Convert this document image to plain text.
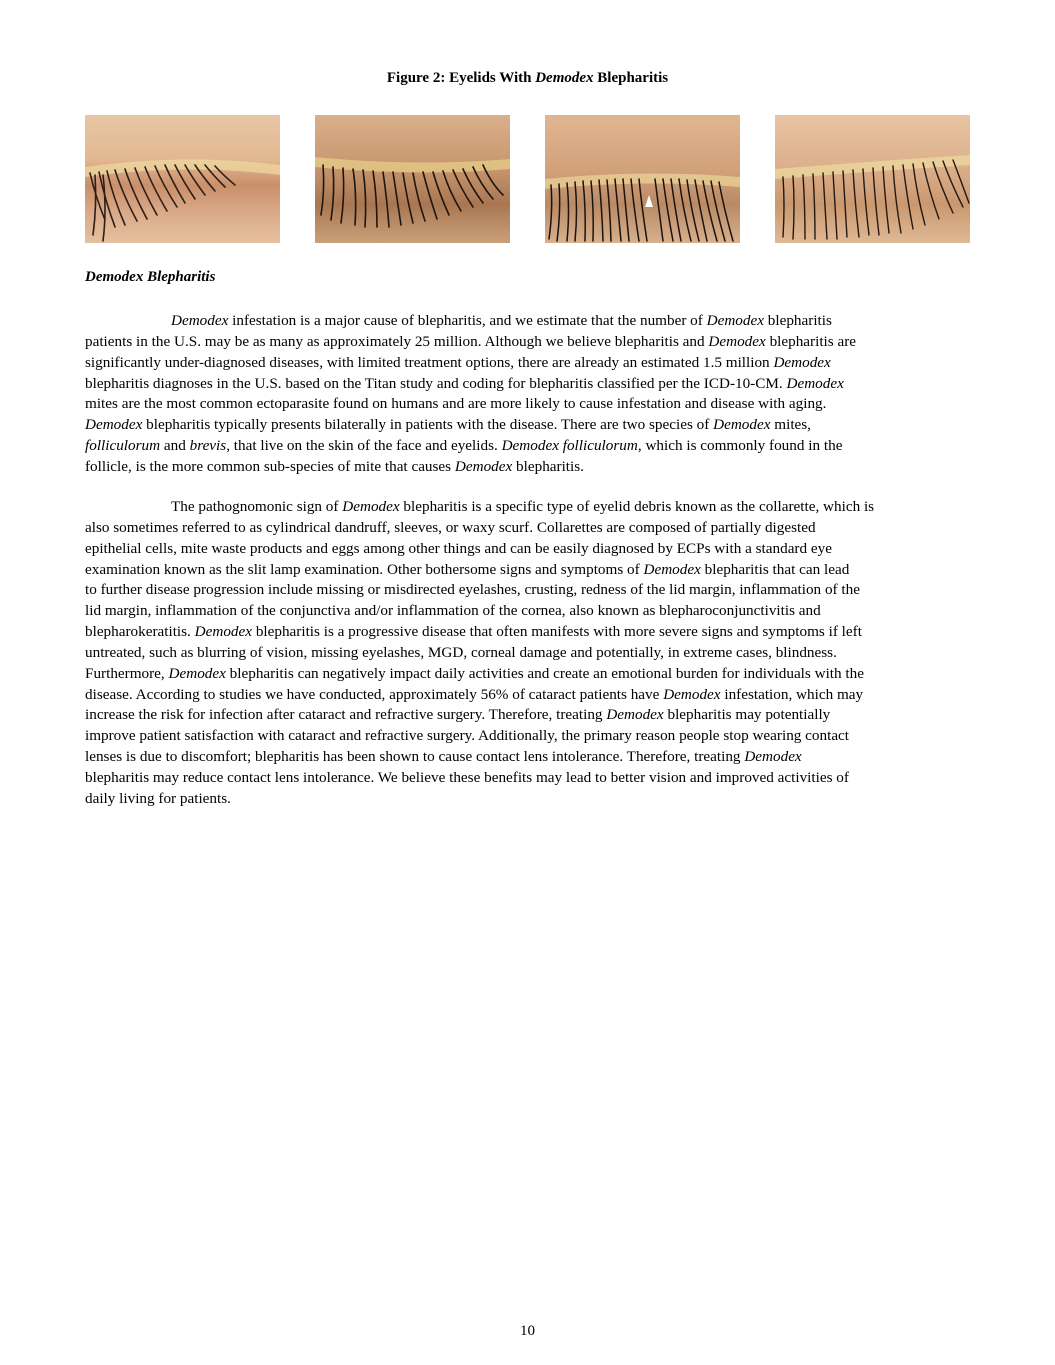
Figure 2: Eyelids With Demodex Blepharitis
Demodex Blepharitis
Demodex infestation is a major cause of blepharitis, and we estimate that the number of Demodex blepharitis
patients in the U.S. may be as many as approximately 25 million. Although we believe blepharitis and Demodex blepharitis are
significantly under-diagnosed diseases, with limited treatment options, there are already an estimated 1.5 million Demodex
blepharitis diagnoses in the U.S. based on the Titan study and coding for blepharitis classified per the ICD-10-CM. Demodex
mites are the most common ectoparasite found on humans and are more likely to cause infestation and disease with aging.
Demodex blepharitis typically presents bilaterally in patients with the disease. There are two species of Demodex mites,
folliculorum and brevis, that live on the skin of the face and eyelids. Demodex folliculorum, which is commonly found in the
follicle, is the more common sub-species of mite that causes Demodex blepharitis.
The pathognomonic sign of Demodex blepharitis is a specific type of eyelid debris known as the collarette, which is
also sometimes referred to as cylindrical dandruff, sleeves, or waxy scurf. Collarettes are composed of partially digested
epithelial cells, mite waste products and eggs among other things and can be easily diagnosed by ECPs with a standard eye
examination known as the slit lamp examination. Other bothersome signs and symptoms of Demodex blepharitis that can lead
to further disease progression include missing or misdirected eyelashes, crusting, redness of the lid margin, inflammation of the
lid margin, inflammation of the conjunctiva and/or inflammation of the cornea, also known as blepharoconjunctivitis and
blepharokeratitis. Demodex blepharitis is a progressive disease that often manifests with more severe signs and symptoms if left
untreated, such as blurring of vision, missing eyelashes, MGD, corneal damage and potentially, in extreme cases, blindness.
Furthermore, Demodex blepharitis can negatively impact daily activities and create an emotional burden for individuals with the
disease. According to studies we have conducted, approximately 56% of cataract patients have Demodex infestation, which may
increase the risk for infection after cataract and refractive surgery. Therefore, treating Demodex blepharitis may potentially
improve patient satisfaction with cataract and refractive surgery. Additionally, the primary reason people stop wearing contact
lenses is due to discomfort; blepharitis has been shown to cause contact lens intolerance. Therefore, treating Demodex
blepharitis may reduce contact lens intolerance. We believe these benefits may lead to better vision and improved activities of
daily living for patients.
10
